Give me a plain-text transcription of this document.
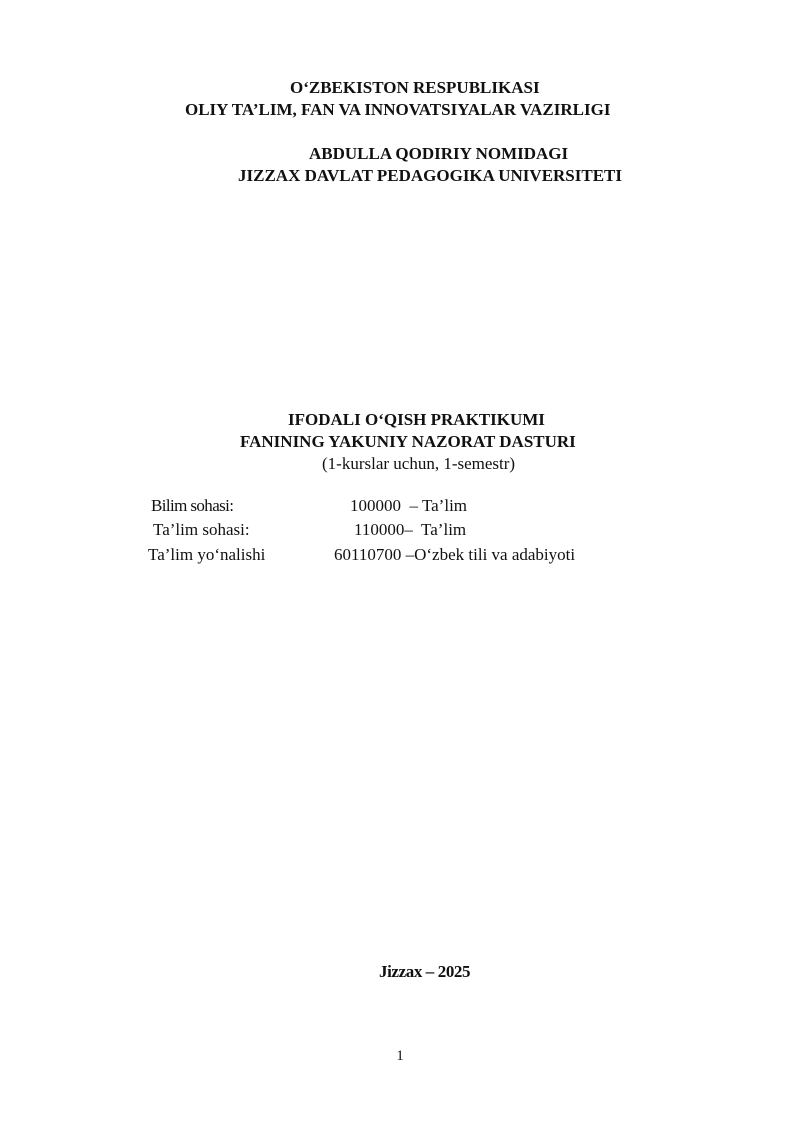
O‘ZBEKISTON RESPUBLIKASI
OLIY TA’LIM, FAN VA INNOVATSIYALAR VAZIRLIGI
ABDULLA QODIRIY NOMIDAGI
JIZZAX DAVLAT PEDAGOGIKA UNIVERSITETI
IFODALI O‘QISH PRAKTIKUMI
FANINING YAKUNIY NAZORAT DASTURI
(1-kurslar uchun, 1-semestr)
Bilim sohasi:	100000  – Ta’lim
Ta’lim sohasi:	110000–  Ta’lim
Ta’lim yo‘nalishi	60110700 –O‘zbek tili va adabiyoti
Jizzax – 2025
1
